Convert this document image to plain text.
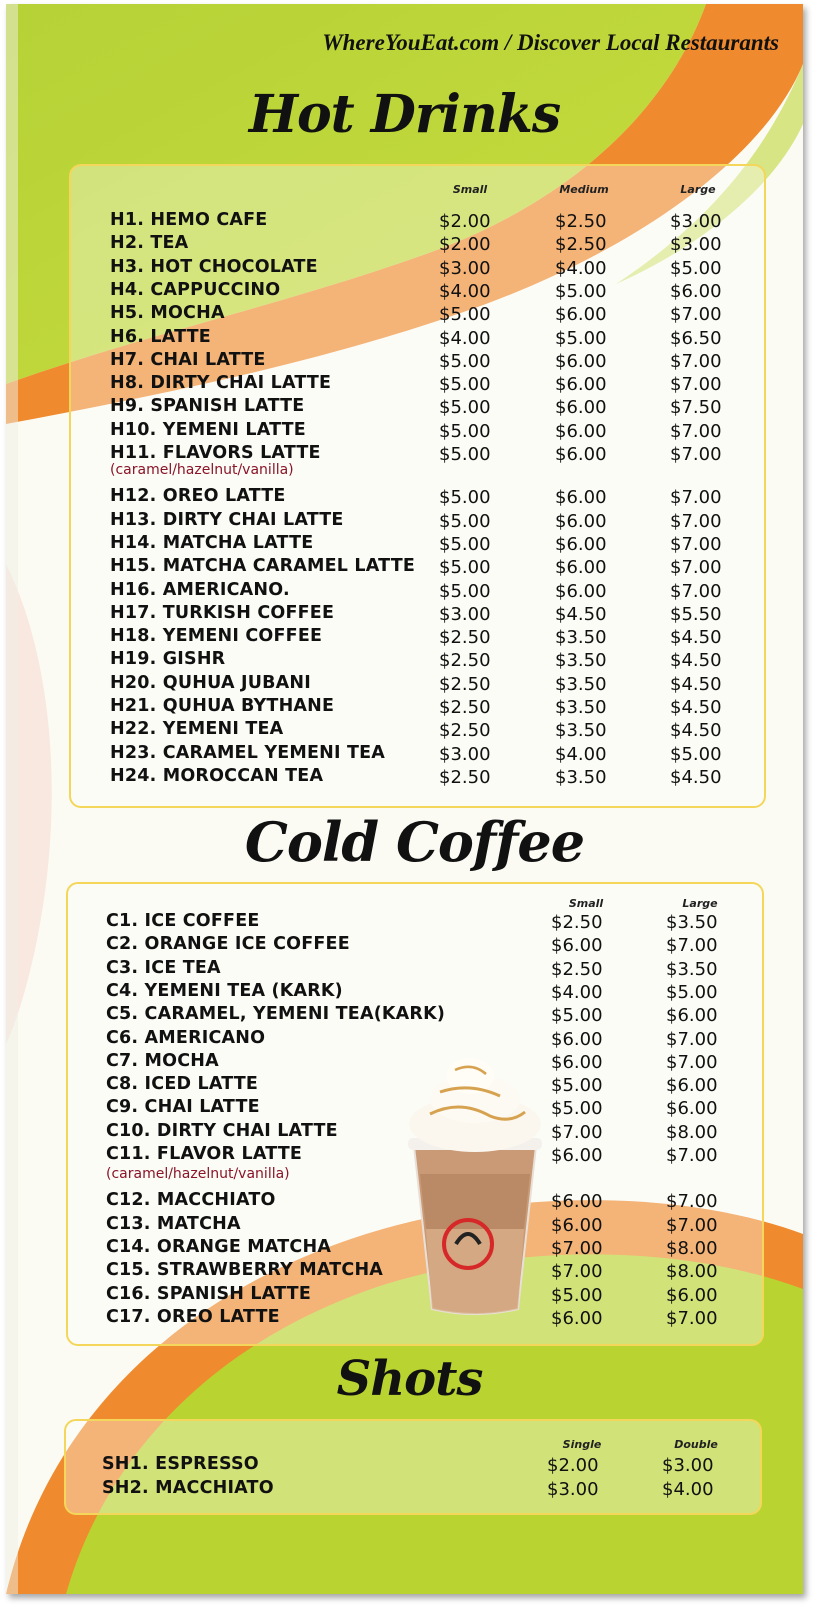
WhereYouEat.com / Discover Local Restaurants
Hot Drinks
Small	Medium	Large
H1. HEMO CAFE	$2.00	$2.50	$3.00
H2. TEA	$2.00	$2.50	$3.00
H3. HOT CHOCOLATE	$3.00	$4.00	$5.00
H4. CAPPUCCINO	$4.00	$5.00	$6.00
H5. MOCHA	$5.00	$6.00	$7.00
H6. LATTE	$4.00	$5.00	$6.50
H7. CHAI LATTE	$5.00	$6.00	$7.00
H8. DIRTY CHAI LATTE	$5.00	$6.00	$7.00
H9. SPANISH LATTE	$5.00	$6.00	$7.50
H10. YEMENI LATTE	$5.00	$6.00	$7.00
H11. FLAVORS LATTE	$5.00	$6.00	$7.00
H12. OREO LATTE	$5.00	$6.00	$7.00
H13. DIRTY CHAI LATTE	$5.00	$6.00	$7.00
H14. MATCHA LATTE	$5.00	$6.00	$7.00
H15. MATCHA CARAMEL LATTE $5.00	$6.00	$7.00
H16. AMERICANO.	$5.00	$6.00	$7.00
H17. TURKISH COFFEE	$3.00	$4.50	$5.50
H18. YEMENI COFFEE	$2.50	$3.50	$4.50
H19. GISHR	$2.50	$3.50	$4.50
H20. QUHUA JUBANI	$2.50	$3.50	$4.50
H21. QUHUA BYTHANE	$2.50	$3.50	$4.50
H22. YEMENI TEA	$2.50	$3.50	$4.50
H23. CARAMEL YEMENI TEA	$3.00	$4.00	$5.00
H24. MOROCCAN TEA	$2.50	$3.50	$4.50
(caramel/hazelnut/vanilla)
Cold Coffee
Small	Large
C1. ICE COFFEE	$2.50	$3.50
C2. ORANGE ICE COFFEE	$6.00	$7.00
C3. ICE TEA	$2.50	$3.50
C4. YEMENI TEA (KARK)	$4.00	$5.00
C5. CARAMEL, YEMENI TEA(KARK)	$5.00	$6.00
C6. AMERICANO	$6.00	$7.00
C7. MOCHA	$6.00	$7.00
C8. ICED LATTE	$5.00	$6.00
C9. CHAI LATTE	$5.00	$6.00
C10. DIRTY CHAI LATTE	$7.00	$8.00
C11. FLAVOR LATTE	$6.00	$7.00
C12. MACCHIATO	$6.00	$7.00
C13. MATCHA	$6.00	$7.00
C14. ORANGE MATCHA	$7.00	$8.00
C15. STRAWBERRY MATCHA	$7.00	$8.00
C16. SPANISH LATTE	$5.00	$6.00
C17. OREO LATTE	$6.00	$7.00
(caramel/hazelnut/vanilla)
Shots
Single	Double
SH1. ESPRESSO	$2.00	$3.00
SH2. MACCHIATO	$3.00	$4.00
